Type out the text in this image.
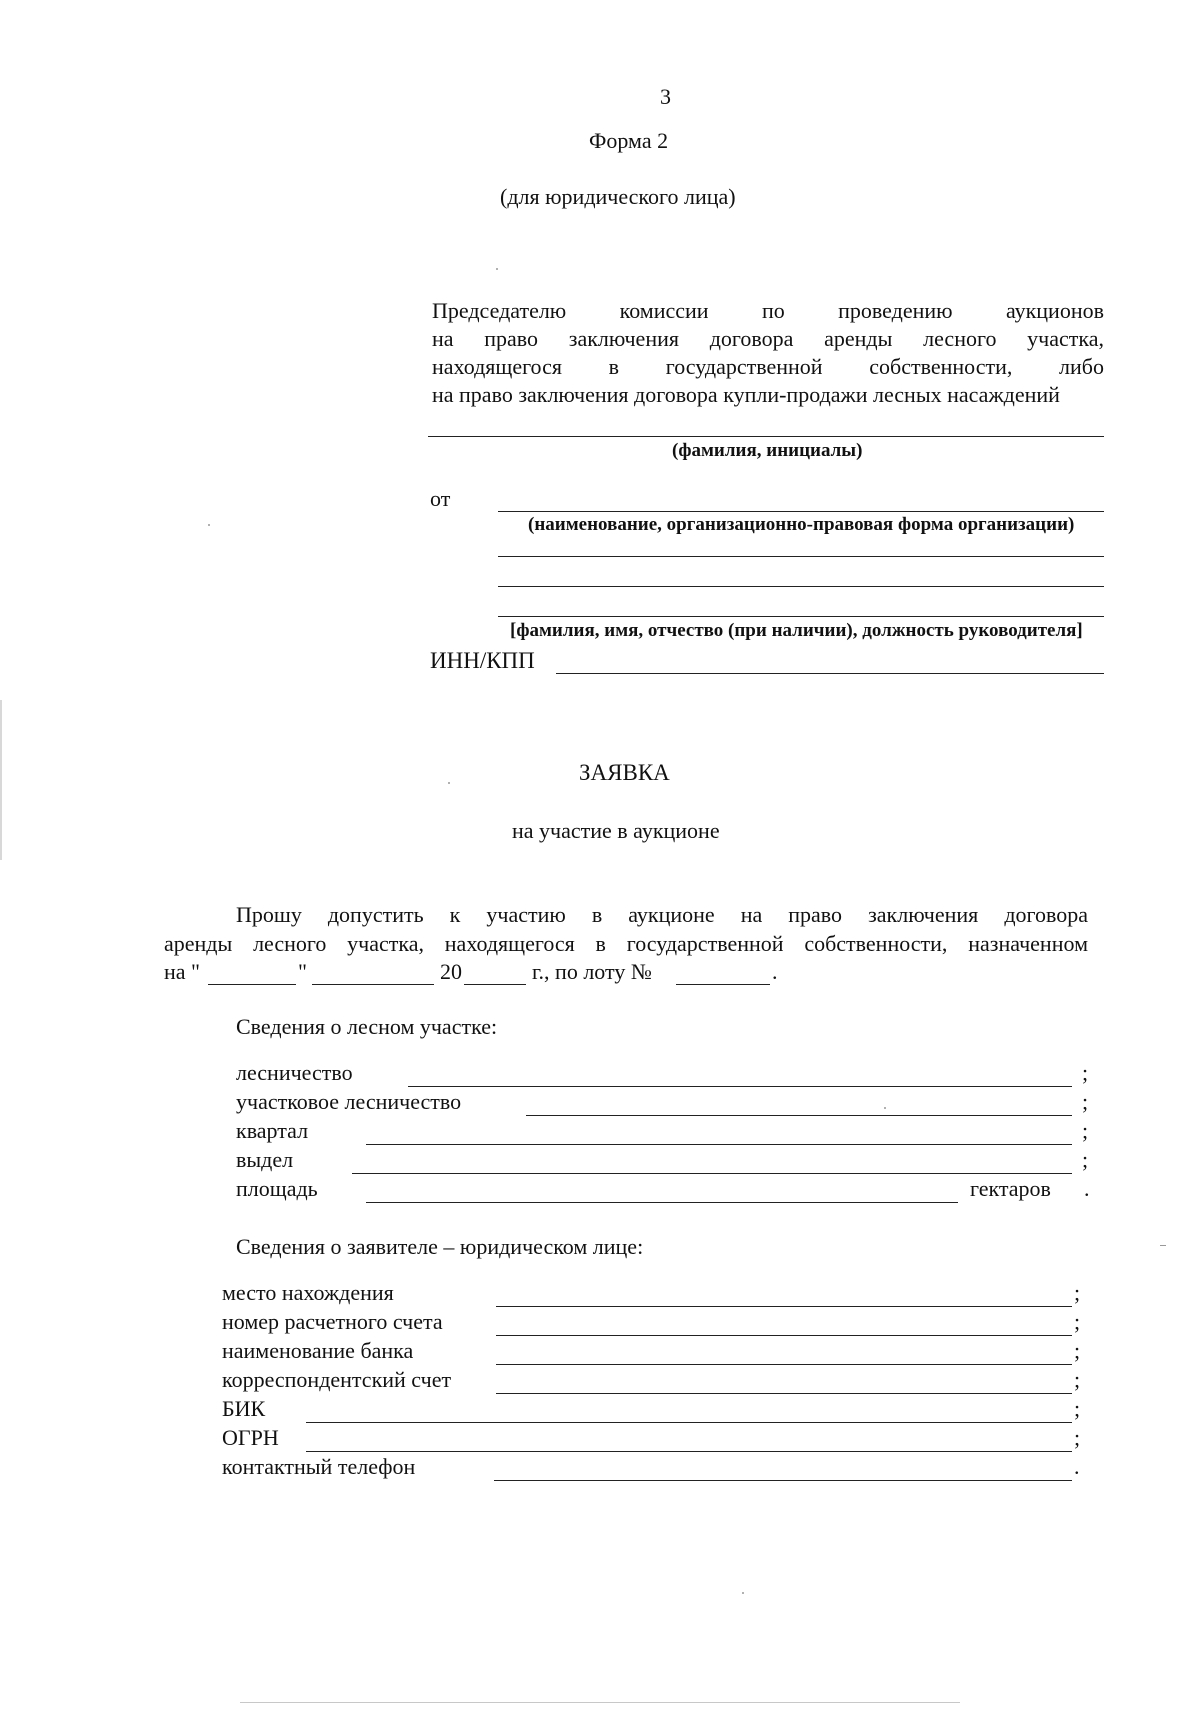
3
Форма 2
(для юридического лица)
Председателю комиссии по проведению аукционов
на право заключения договора аренды лесного участка,
находящегося в государственной собственности, либо
на право заключения договора купли-продажи лесных насаждений
(фамилия, инициалы)
от
(наименование, организационно-правовая форма организации)
[фамилия, имя, отчество (при наличии), должность руководителя]
ИНН/КПП
ЗАЯВКА
на участие в аукционе
Прошу допустить к участию в аукционе на право заключения договора
аренды лесного участка, находящегося в государственной собственности, назначенном
на "	"	20	г., по лоту №	.
Сведения о лесном участке:
лесничество	;
участковое лесничество	;
квартал	;
выдел	;
площадь	гектаров .
Сведения о заявителе – юридическом лице:
место нахождения	;
номер расчетного счета	;
наименование банка	;
корреспондентский счет	;
БИК	;
ОГРН	;
контактный телефон	.
